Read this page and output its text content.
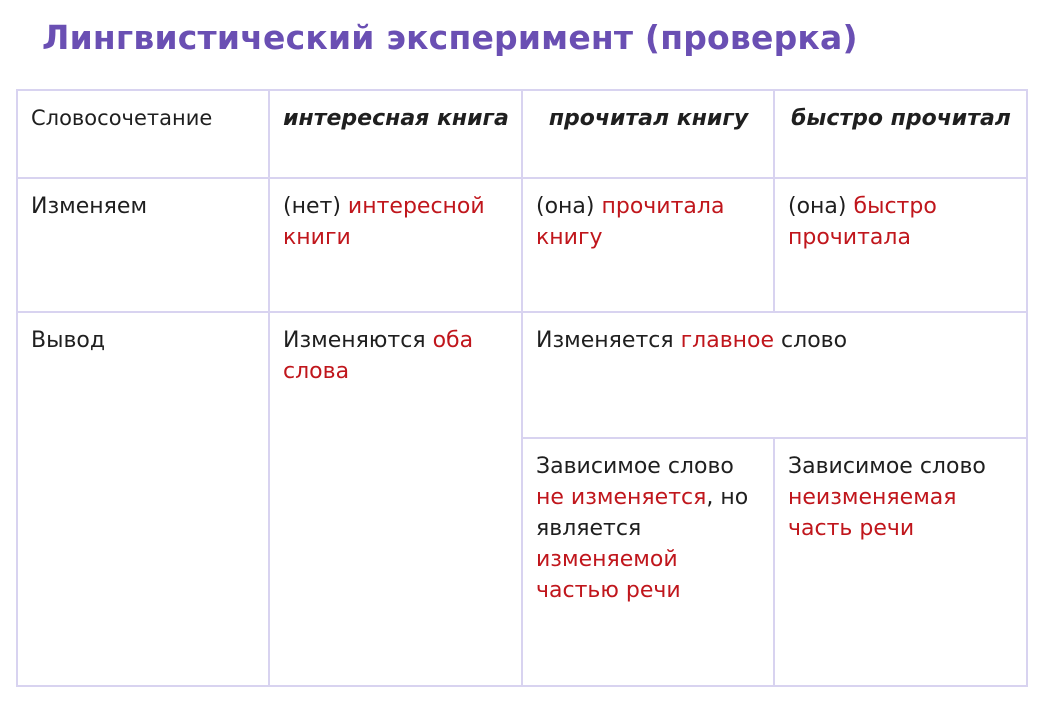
Лингвистический эксперимент (проверка)
Словосочетание	интересная книга	прочитал книгу	быстро прочитал
Изменяем	(нет) интересной книги	(она) прочитала книгу	(она) быстро прочитала
Вывод	Изменяются оба слова	Изменяется главное слово	
		Зависимое слово не изменяется, но является изменяемой частью речи	Зависимое слово неизменяемая часть речи
